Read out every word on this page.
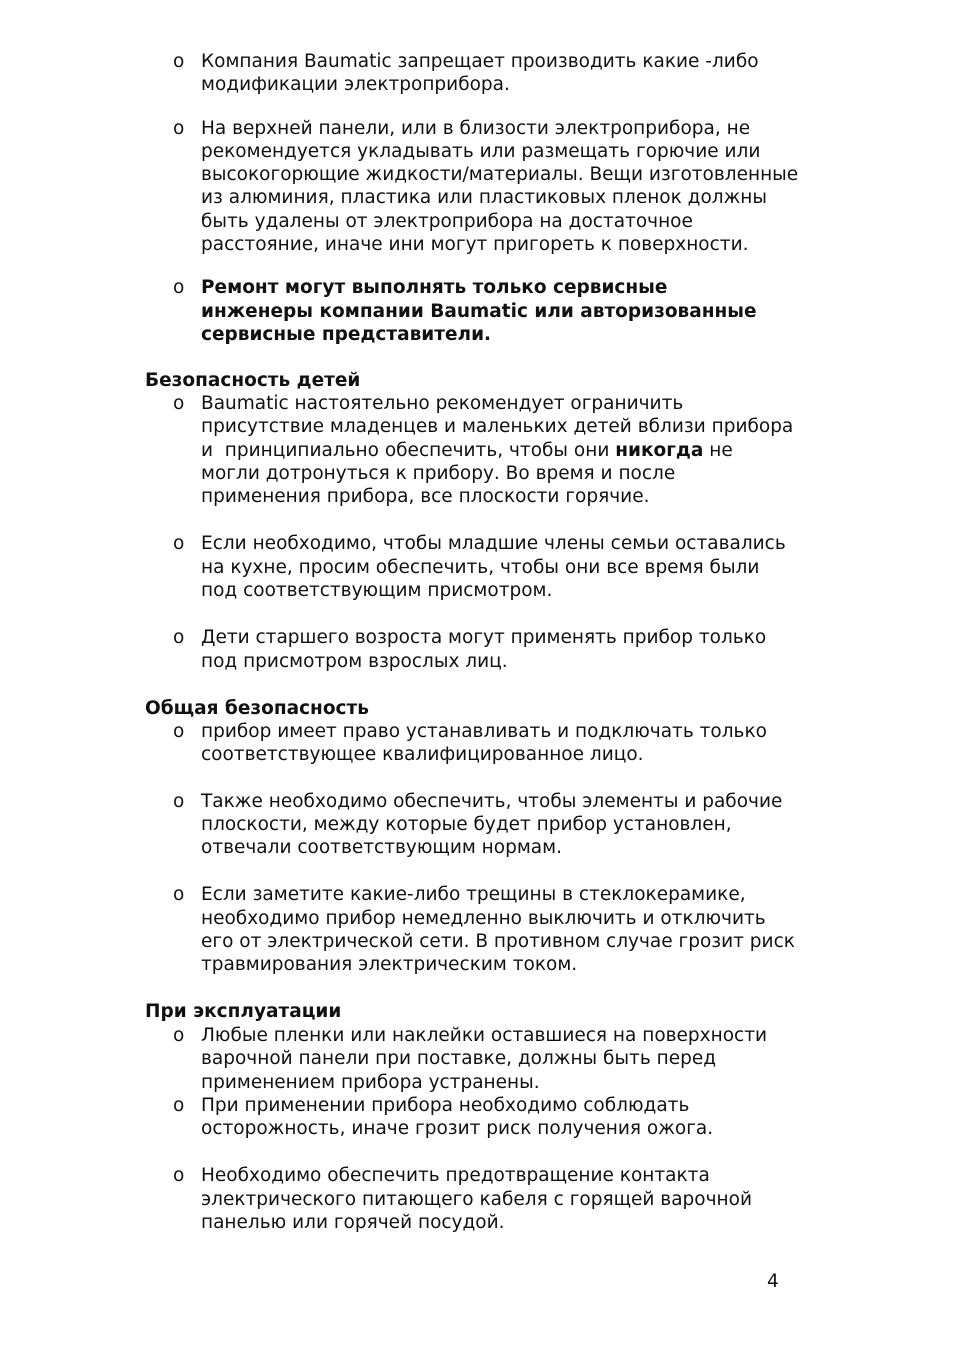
o Компания Baumatic запрещает производить какие -либо
модификации электроприбора.
o На верхней панели, или в близости электроприбора, не
рекомендуется укладывать или размещать горючие или
высокогорющие жидкости/материалы. Вещи изготовленные
из алюминия, пластика или пластиковых пленок должны
быть удалены от электроприбора на достаточное
расстояние, иначе ини могут пригореть к поверхности.
o Ремонт могут выполнять только сервисные
инженеры компании Baumatic или авторизованные
сервисные представители.
Безопасность детей
o Baumatic настоятельно рекомендует ограничить
присутствие младенцев и маленьких детей вблизи прибора
и  принципиально обеспечить, чтобы они никогда не
могли дотронуться к прибору. Во время и после
применения прибора, все плоскости горячие.
o Если необходимо, чтобы младшие члены семьи оставались
на кухне, просим обеспечить, чтобы они все время были
под соответствующим присмотром.
o Дети старшего возроста могут применять прибор только
под присмотром взрослых лиц.
Общая безопасность
o прибор имеет право устанавливать и подключать только
соответствующее квалифицированное лицо.
o Также необходимо обеспечить, чтобы элементы и рабочие
плоскости, между которые будет прибор установлен,
отвечали соответствующим нормам.
o Если заметите какие-либо трещины в стеклокерамике,
необходимо прибор немедленно выключить и отключить
его от электрической сети. В противном случае грозит риск
травмирования электрическим током.
При эксплуатации
o Любые пленки или наклейки оставшиеся на поверхности
варочной панели при поставке, должны быть перед
применением прибора устранены.
o При применении прибора необходимо соблюдать
осторожность, иначе грозит риск получения ожога.
o Необходимо обеспечить предотвращение контакта
электрического питающего кабеля с горящей варочной
панелью или горячей посудой.
4
